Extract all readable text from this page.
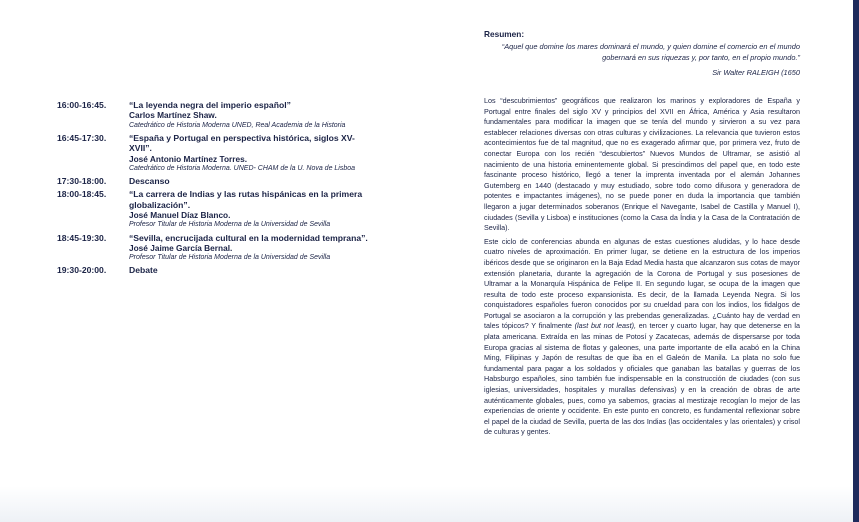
16:00-16:45.	“La leyenda negra del imperio español”
Carlos Martínez Shaw.
Catedrático de Historia Moderna UNED, Real Academia de la Historia
16:45-17:30.	“España y Portugal en perspectiva histórica, siglos XV-XVII”.
José Antonio Martínez Torres.
Catedrático de Historia Moderna. UNED- CHAM de la U. Nova de Lisboa
17:30-18:00.	Descanso
18:00-18:45.	“La carrera de Indias y las rutas hispánicas en la primera globalización”.
José Manuel Díaz Blanco.
Profesor Titular de Historia Moderna de la Universidad de Sevilla
18:45-19:30.	“Sevilla, encrucijada cultural en la modernidad temprana”.
José Jaime García Bernal.
Profesor Titular de Historia Moderna de la Universidad de Sevilla
19:30-20:00.	Debate
Resumen:
“Aquel que domine los mares dominará el mundo, y quien domine el comercio en el mundo gobernará en sus riquezas y, por tanto, en el propio mundo.”
Sir Walter RALEIGH (1650

Los “descubrimientos” geográficos que realizaron los marinos y exploradores de España y Portugal entre finales del siglo XV y principios del XVII en África, América y Asia resultaron fundamentales para modificar la imagen que se tenía del mundo y sirvieron a su vez para establecer relaciones diversas con otras culturas y civilizaciones. La relevancia que tuvieron estos acontecimientos fue de tal magnitud, que no es exagerado afirmar que, por primera vez, fruto de conectar Europa con los recién “descubiertos” Nuevos Mundos de Ultramar, se asistió al nacimiento de una historia eminentemente global. Si prescindimos del papel que, en todo este fascinante proceso histórico, llegó a tener la imprenta inventada por el alemán Johannes Gutemberg en 1440 (destacado y muy estudiado, sobre todo como difusora y generadora de potentes e impactantes imágenes), no se puede poner en duda la importancia que también llegaron a jugar determinados soberanos (Enrique el Navegante, Isabel de Castilla y Manuel I), ciudades (Sevilla y Lisboa) e instituciones (como la Casa da Índia y la Casa de la Contratación de Sevilla).

Este ciclo de conferencias abunda en algunas de estas cuestiones aludidas, y lo hace desde cuatro niveles de aproximación. En primer lugar, se detiene en la estructura de los imperios ibéricos desde que se originaron en la Baja Edad Media hasta que alcanzaron sus cotas de mayor extensión planetaria, durante la agregación de la Corona de Portugal y sus posesiones de Ultramar a la Monarquía Hispánica de Felipe II. En segundo lugar, se ocupa de la imagen que resulta de todo este proceso expansionista. Es decir, de la llamada Leyenda Negra. Si los conquistadores españoles fueron conocidos por su crueldad para con los indios, los fidalgos de Portugal se asociaron a la corrupción y las prebendas generalizadas. ¿Cuánto hay de verdad en tales tópicos? Y finalmente (last but not least), en tercer y cuarto lugar, hay que detenerse en la plata americana. Extraída en las minas de Potosí y Zacatecas, además de dispersarse por toda Europa gracias al sistema de flotas y galeones, una parte importante de ella acabó en la China Ming, Filipinas y Japón de resultas de que iba en el Galeón de Manila. La plata no solo fue fundamental para pagar a los soldados y oficiales que ganaban las batallas y guerras de los Habsburgo españoles, sino también fue indispensable en la construcción de ciudades (con sus iglesias, universidades, hospitales y murallas defensivas) y en la creación de obras de arte auténticamente globales, pues, como ya sabemos, gracias al mestizaje recogían lo mejor de las experiencias de oriente y occidente. En este punto en concreto, es fundamental reflexionar sobre el papel de la ciudad de Sevilla, puerta de las dos Indias (las occidentales y las orientales) y crisol de culturas y gentes.
